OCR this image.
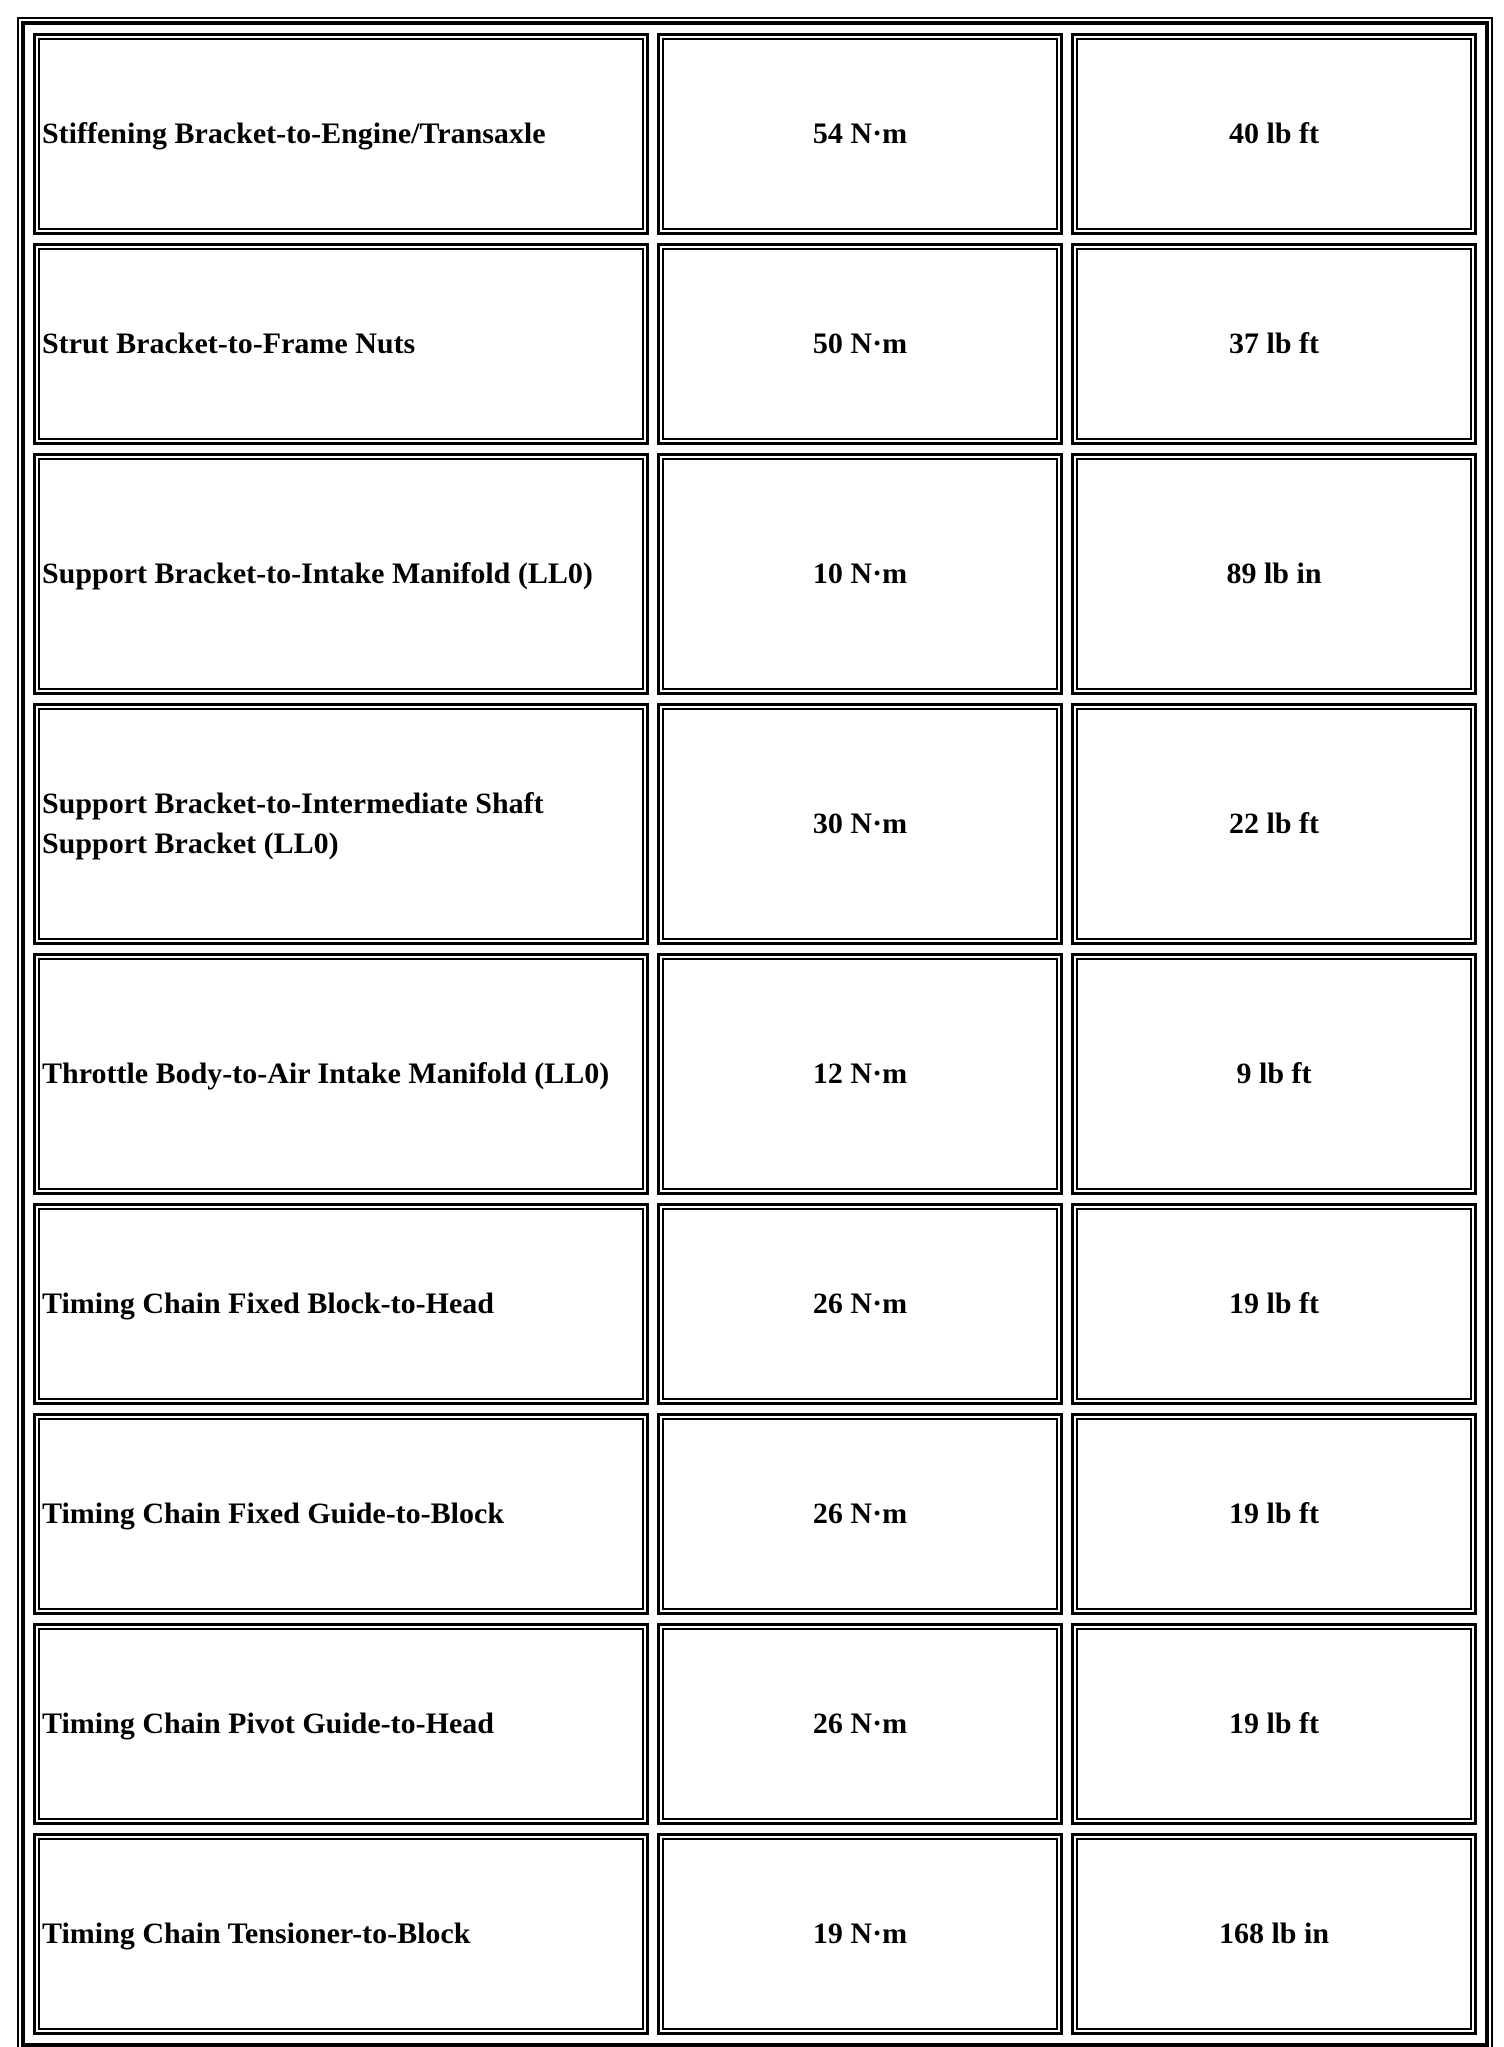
Stiffening Bracket-to-Engine/Transaxle	54 N·m	40 lb ft
Strut Bracket-to-Frame Nuts	50 N·m	37 lb ft
Support Bracket-to-Intake Manifold (LL0)	10 N·m	89 lb in
Support Bracket-to-Intermediate Shaft Support Bracket (LL0)	30 N·m	22 lb ft
Throttle Body-to-Air Intake Manifold (LL0)	12 N·m	9 lb ft
Timing Chain Fixed Block-to-Head	26 N·m	19 lb ft
Timing Chain Fixed Guide-to-Block	26 N·m	19 lb ft
Timing Chain Pivot Guide-to-Head	26 N·m	19 lb ft
Timing Chain Tensioner-to-Block	19 N·m	168 lb in
